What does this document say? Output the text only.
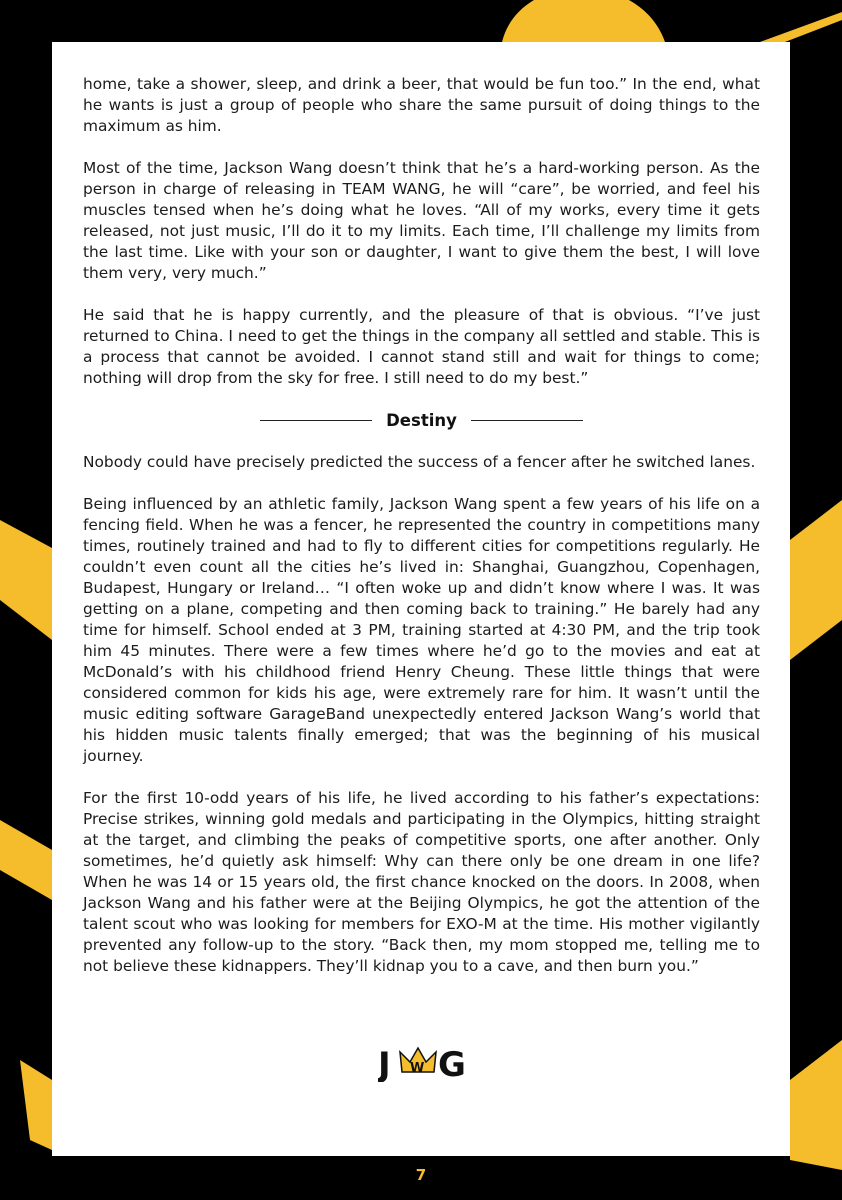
home, take a shower, sleep, and drink a beer, that would be fun too.” In the end, what he wants is just a group of people who share the same pursuit of doing things to the maximum as him.

Most of the time, Jackson Wang doesn’t think that he’s a hard-working person. As the person in charge of releasing in TEAM WANG, he will “care”, be worried, and feel his muscles tensed when he’s doing what he loves. “All of my works, every time it gets released, not just music, I’ll do it to my limits. Each time, I’ll challenge my limits from the last time. Like with your son or daughter, I want to give them the best, I will love them very, very much.”

He said that he is happy currently, and the pleasure of that is obvious. “I’ve just returned to China. I need to get the things in the company all settled and stable. This is a process that cannot be avoided. I cannot stand still and wait for things to come; nothing will drop from the sky for free. I still need to do my best.”

Destiny

Nobody could have precisely predicted the success of a fencer after he switched lanes.

Being influenced by an athletic family, Jackson Wang spent a few years of his life on a fencing field. When he was a fencer, he represented the country in competitions many times, routinely trained and had to fly to different cities for competitions regularly. He couldn’t even count all the cities he’s lived in: Shanghai, Guangzhou, Copenhagen, Budapest, Hungary or Ireland… “I often woke up and didn’t know where I was. It was getting on a plane, competing and then coming back to training.” He barely had any time for himself. School ended at 3 PM, training started at 4:30 PM, and the trip took him 45 minutes. There were a few times where he’d go to the movies and eat at McDonald’s with his childhood friend Henry Cheung. These little things that were considered common for kids his age, were extremely rare for him. It wasn’t until the music editing software GarageBand unexpectedly entered Jackson Wang’s world that his hidden music talents finally emerged; that was the beginning of his musical journey.

For the first 10-odd years of his life, he lived according to his father’s expectations: Precise strikes, winning gold medals and participating in the Olympics, hitting straight at the target, and climbing the peaks of competitive sports, one after another. Only sometimes, he’d quietly ask himself: Why can there only be one dream in one life? When he was 14 or 15 years old, the first chance knocked on the doors. In 2008, when Jackson Wang and his father were at the Beijing Olympics, he got the attention of the talent scout who was looking for members for EXO-M at the time. His mother vigilantly prevented any follow-up to the story. “Back then, my mom stopped me, telling me to not believe these kidnappers. They’ll kidnap you to a cave, and then burn you.”

J W G
7
